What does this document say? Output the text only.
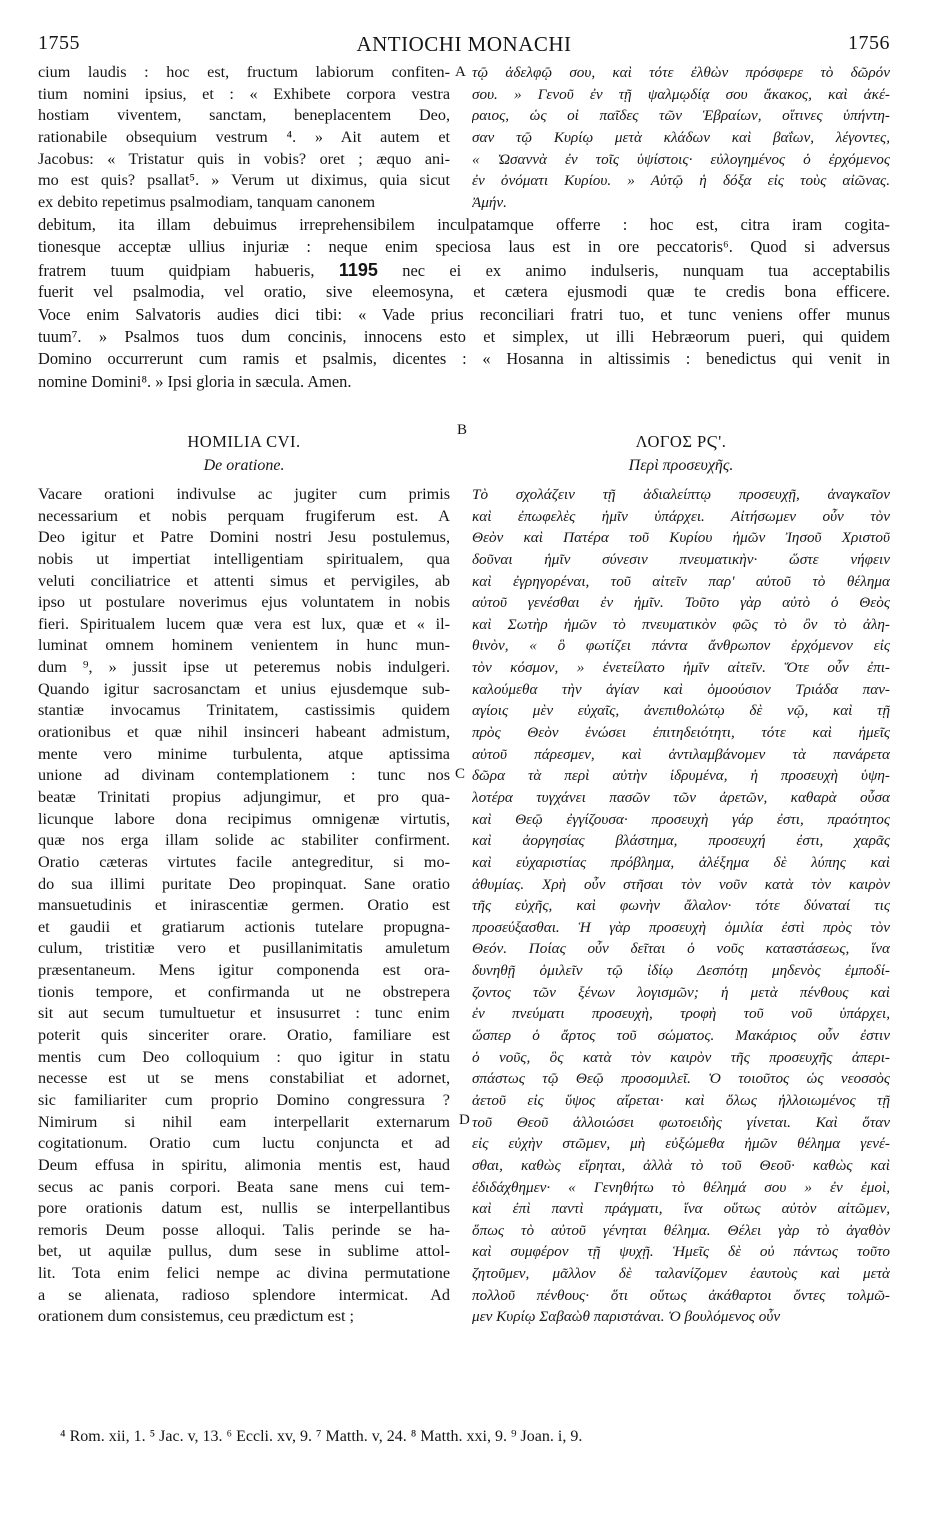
1755	ANTIOCHI MONACHI	1756
cium laudis : hoc est, fructum labiorum confiten-
tium nomini ipsius, et : « Exhibete corpora vestra
hostiam viventem, sanctam, beneplacentem Deo,
rationabile obsequium vestrum ⁴. » Ait autem et
Jacobus: « Tristatur quis in vobis? oret ; æquo ani-
mo est quis? psallat⁵. » Verum ut diximus, quia sicut
ex debito repetimus psalmodiam, tanquam canonem
A τῷ ἀδελφῷ σου, καὶ τότε ἐλθὼν πρόσφερε τὸ δῶρόν
σου. » Γενοῦ ἐν τῇ ψαλμῳδίᾳ σου ἄκακος, καὶ ἀκέ-
ραιος, ὡς οἱ παῖδες τῶν Ἑβραίων, οἵτινες ὑπήντη-
σαν τῷ Κυρίῳ μετὰ κλάδων καὶ βαΐων, λέγοντες,
« Ὡσαννὰ ἐν τοῖς ὑψίστοις· εὐλογημένος ὁ ἐρχόμενος
ἐν ὀνόματι Κυρίου. » Αὐτῷ ἡ δόξα εἰς τοὺς αἰῶνας.
Ἀμήν.
debitum, ita illam debuimus irreprehensibilem inculpatamque offerre : hoc est, citra iram cogita-
tionesque acceptæ ullius injuriæ : neque enim speciosa laus est in ore peccatoris⁶. Quod si adversus
fratrem tuum quidpiam habueris, 1195 nec ei ex animo indulseris, nunquam tua acceptabilis
fuerit vel psalmodia, vel oratio, sive eleemosyna, et cætera ejusmodi quæ te credis bona efficere.
Voce enim Salvatoris audies dici tibi: « Vade prius reconciliari fratri tuo, et tunc veniens offer munus
tuum⁷. » Psalmos tuos dum concinis, innocens esto et simplex, ut illi Hebræorum pueri, qui quidem
Domino occurrerunt cum ramis et psalmis, dicentes : « Hosanna in altissimis : benedictus qui venit in
nomine Domini⁸. » Ipsi gloria in sæcula. Amen.
B
HOMILIA CVI.
De oratione.
ΛΟΓΟΣ ΡϚ'.
Περὶ προσευχῆς.
Vacare orationi indivulse ac jugiter cum primis
necessarium et nobis perquam frugiferum est. A
Deo igitur et Patre Domini nostri Jesu postulemus,
nobis ut impertiat intelligentiam spiritualem, qua
veluti conciliatrice et attenti simus et pervigiles, ab
ipso ut postulare noverimus ejus voluntatem in nobis
fieri. Spiritualem lucem quæ vera est lux, quæ et « il-
luminat omnem hominem venientem in hunc mun-
dum ⁹, » jussit ipse ut peteremus nobis indulgeri.
Quando igitur sacrosanctam et unius ejusdemque sub-
stantiæ invocamus Trinitatem, castissimis quidem
orationibus et quæ nihil insinceri habeant admistum,
mente vero minime turbulenta, atque aptissima
unione ad divinam contemplationem : tunc nos
beatæ Trinitati propius adjungimur, et pro qua-
licunque labore dona recipimus omnigenæ virtutis,
quæ nos erga illam solide ac stabiliter confirment.
Oratio cæteras virtutes facile antegreditur, si mo-
do sua illimi puritate Deo propinquat. Sane oratio
mansuetudinis et inirascentiæ germen. Oratio est
et gaudii et gratiarum actionis tutelare propugna-
culum, tristitiæ vero et pusillanimitatis amuletum
præsentaneum. Mens igitur componenda est ora-
tionis tempore, et confirmanda ut ne obstrepera
sit aut secum tumultuetur et insusurret : tunc enim
poterit quis sinceriter orare. Oratio, familiare est
mentis cum Deo colloquium : quo igitur in statu
necesse est ut se mens constabiliat et adornet,
sic familiariter cum proprio Domino congressura ?
Nimirum si nihil eam interpellarit externarum
cogitationum. Oratio cum luctu conjuncta et ad
Deum effusa in spiritu, alimonia mentis est, haud
secus ac panis corpori. Beata sane mens cui tem-
pore orationis datum est, nullis se interpellantibus
remoris Deum posse alloqui. Talis perinde se ha-
bet, ut aquilæ pullus, dum sese in sublime attol-
lit. Tota enim felici nempe ac divina permutatione
a se alienata, radioso splendore intermicat. Ad
orationem dum consistemus, ceu prædictum est ;
C
D
Τὸ σχολάζειν τῇ ἀδιαλείπτῳ προσευχῇ, ἀναγκαῖον
καὶ ἐπωφελὲς ἡμῖν ὑπάρχει. Αἰτήσωμεν οὖν τὸν
Θεὸν καὶ Πατέρα τοῦ Κυρίου ἡμῶν Ἰησοῦ Χριστοῦ
δοῦναι ἡμῖν σύνεσιν πνευματικὴν· ὥστε νήφειν
καὶ ἐγρηγορέναι, τοῦ αἰτεῖν παρ' αὐτοῦ τὸ θέλημα
αὐτοῦ γενέσθαι ἐν ἡμῖν. Τοῦτο γὰρ αὐτὸ ὁ Θεὸς
καὶ Σωτὴρ ἡμῶν τὸ πνευματικὸν φῶς τὸ ὂν τὸ ἀλη-
θινὸν, « ὃ φωτίζει πάντα ἄνθρωπον ἐρχόμενον εἰς
τὸν κόσμον, » ἐνετείλατο ἡμῖν αἰτεῖν. Ὅτε οὖν ἐπι-
καλούμεθα τὴν ἁγίαν καὶ ὁμοούσιον Τριάδα παν-
αγίοις μὲν εὐχαῖς, ἀνεπιθολώτῳ δὲ νῷ, καὶ τῇ
πρὸς Θεὸν ἑνώσει ἐπιτηδειότητι, τότε καὶ ἡμεῖς
αὐτοῦ πάρεσμεν, καὶ ἀντιλαμβάνομεν τὰ πανάρετα
δῶρα τὰ περὶ αὐτὴν ἱδρυμένα, ἡ προσευχὴ ὑψη-
λοτέρα τυγχάνει πασῶν τῶν ἀρετῶν, καθαρὰ οὖσα
καὶ Θεῷ ἐγγίζουσα· προσευχὴ γάρ ἐστι, πραότητος
καὶ ἀοργησίας βλάστημα, προσευχή ἐστι, χαρᾶς
καὶ εὐχαριστίας πρόβλημα, ἀλέξημα δὲ λύπης καὶ
ἀθυμίας. Χρὴ οὖν στῆσαι τὸν νοῦν κατὰ τὸν καιρὸν
τῆς εὐχῆς, καὶ φωνὴν ἄλαλον· τότε δύναταί τις
προσεύξασθαι. Ἡ γὰρ προσευχὴ ὁμιλία ἐστὶ πρὸς τὸν
Θεόν. Ποίας οὖν δεῖται ὁ νοῦς καταστάσεως, ἵνα
δυνηθῇ ὁμιλεῖν τῷ ἰδίῳ Δεσπότῃ μηδενὸς ἐμποδί-
ζοντος τῶν ξένων λογισμῶν; ἡ μετὰ πένθους καὶ
ἐν πνεύματι προσευχὴ, τροφὴ τοῦ νοῦ ὑπάρχει,
ὥσπερ ὁ ἄρτος τοῦ σώματος. Μακάριος οὖν ἐστιν
ὁ νοῦς, ὃς κατὰ τὸν καιρὸν τῆς προσευχῆς ἀπερι-
σπάστως τῷ Θεῷ προσομιλεῖ. Ὁ τοιοῦτος ὡς νεοσσὸς
ἀετοῦ εἰς ὕψος αἴρεται· καὶ ὅλως ἠλλοιωμένος τῇ
τοῦ Θεοῦ ἀλλοιώσει φωτοειδὴς γίνεται. Καὶ ὅταν
εἰς εὐχὴν στῶμεν, μὴ εὐξώμεθα ἡμῶν θέλημα γενέ-
σθαι, καθὼς εἴρηται, ἀλλὰ τὸ τοῦ Θεοῦ· καθὼς καὶ
ἐδιδάχθημεν· « Γενηθήτω τὸ θέλημά σου » ἐν ἐμοὶ,
καὶ ἐπὶ παντὶ πράγματι, ἵνα οὕτως αὐτὸν αἰτῶμεν,
ὅπως τὸ αὐτοῦ γένηται θέλημα. Θέλει γὰρ τὸ ἀγαθὸν
καὶ συμφέρον τῇ ψυχῇ. Ἡμεῖς δὲ οὐ πάντως τοῦτο
ζητοῦμεν, μᾶλλον δὲ ταλανίζομεν ἑαυτοὺς καὶ μετὰ
πολλοῦ πένθους· ὅτι οὕτως ἀκάθαρτοι ὄντες τολμῶ-
μεν Κυρίῳ Σαβαὼθ παριστάναι. Ὁ βουλόμενος οὖν
⁴ Rom. xii, 1. ⁵ Jac. v, 13. ⁶ Eccli. xv, 9. ⁷ Matth. v, 24. ⁸ Matth. xxi, 9. ⁹ Joan. i, 9.
